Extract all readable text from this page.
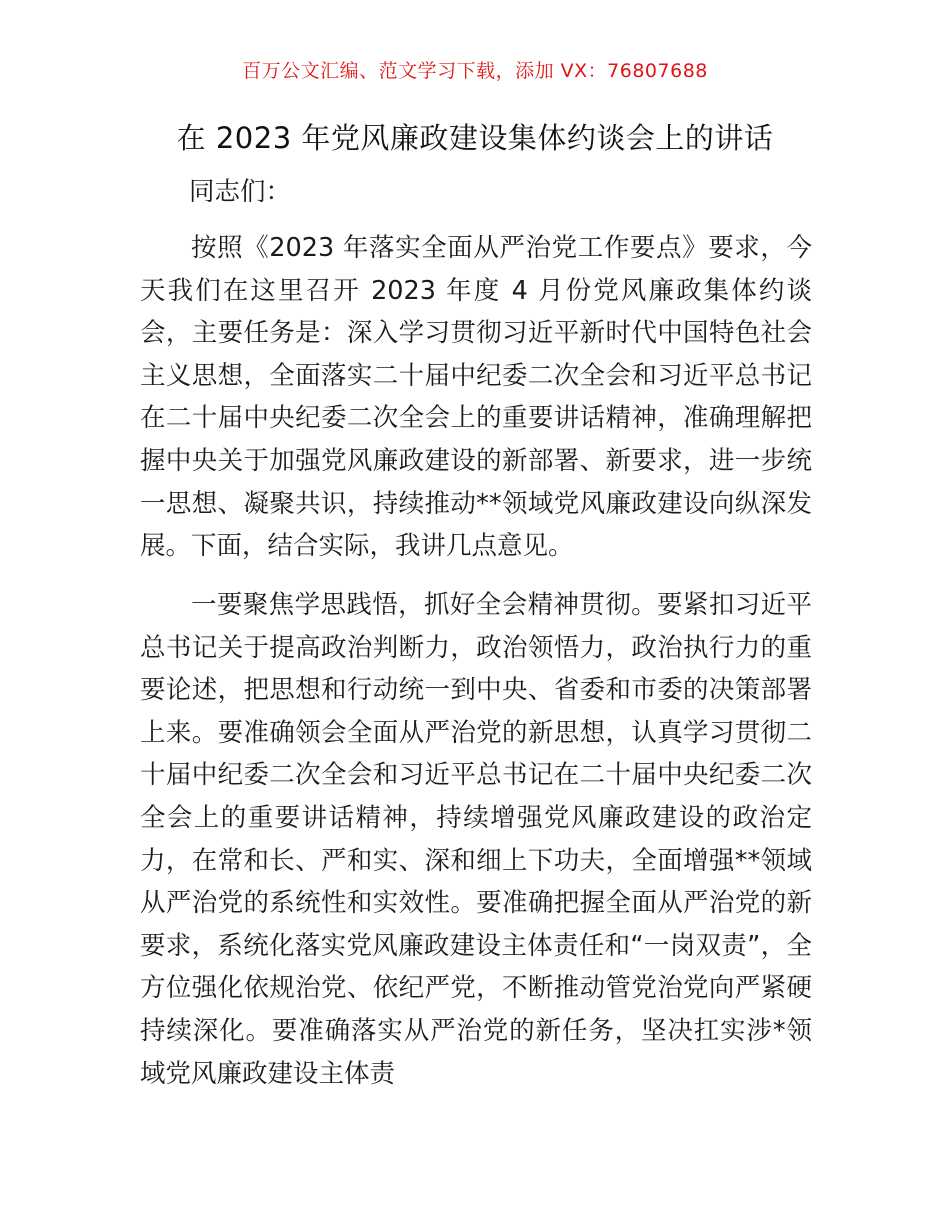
百万公文汇编、范文学习下载，添加 VX：76807688
在 2023 年党风廉政建设集体约谈会上的讲话
同志们：

按照《2023 年落实全面从严治党工作要点》要求，今天我们在这里召开 2023 年度 4 月份党风廉政集体约谈会，主要任务是：深入学习贯彻习近平新时代中国特色社会主义思想，全面落实二十届中纪委二次全会和习近平总书记在二十届中央纪委二次全会上的重要讲话精神，准确理解把握中央关于加强党风廉政建设的新部署、新要求，进一步统一思想、凝聚共识，持续推动**领域党风廉政建设向纵深发展。下面，结合实际，我讲几点意见。

一要聚焦学思践悟，抓好全会精神贯彻。要紧扣习近平总书记关于提高政治判断力，政治领悟力，政治执行力的重要论述，把思想和行动统一到中央、省委和市委的决策部署上来。要准确领会全面从严治党的新思想，认真学习贯彻二十届中纪委二次全会和习近平总书记在二十届中央纪委二次全会上的重要讲话精神，持续增强党风廉政建设的政治定力，在常和长、严和实、深和细上下功夫，全面增强**领域从严治党的系统性和实效性。要准确把握全面从严治党的新要求，系统化落实党风廉政建设主体责任和“一岗双责”，全方位强化依规治党、依纪严党，不断推动管党治党向严紧硬持续深化。要准确落实从严治党的新任务，坚决扛实涉*领域党风廉政建设主体责
